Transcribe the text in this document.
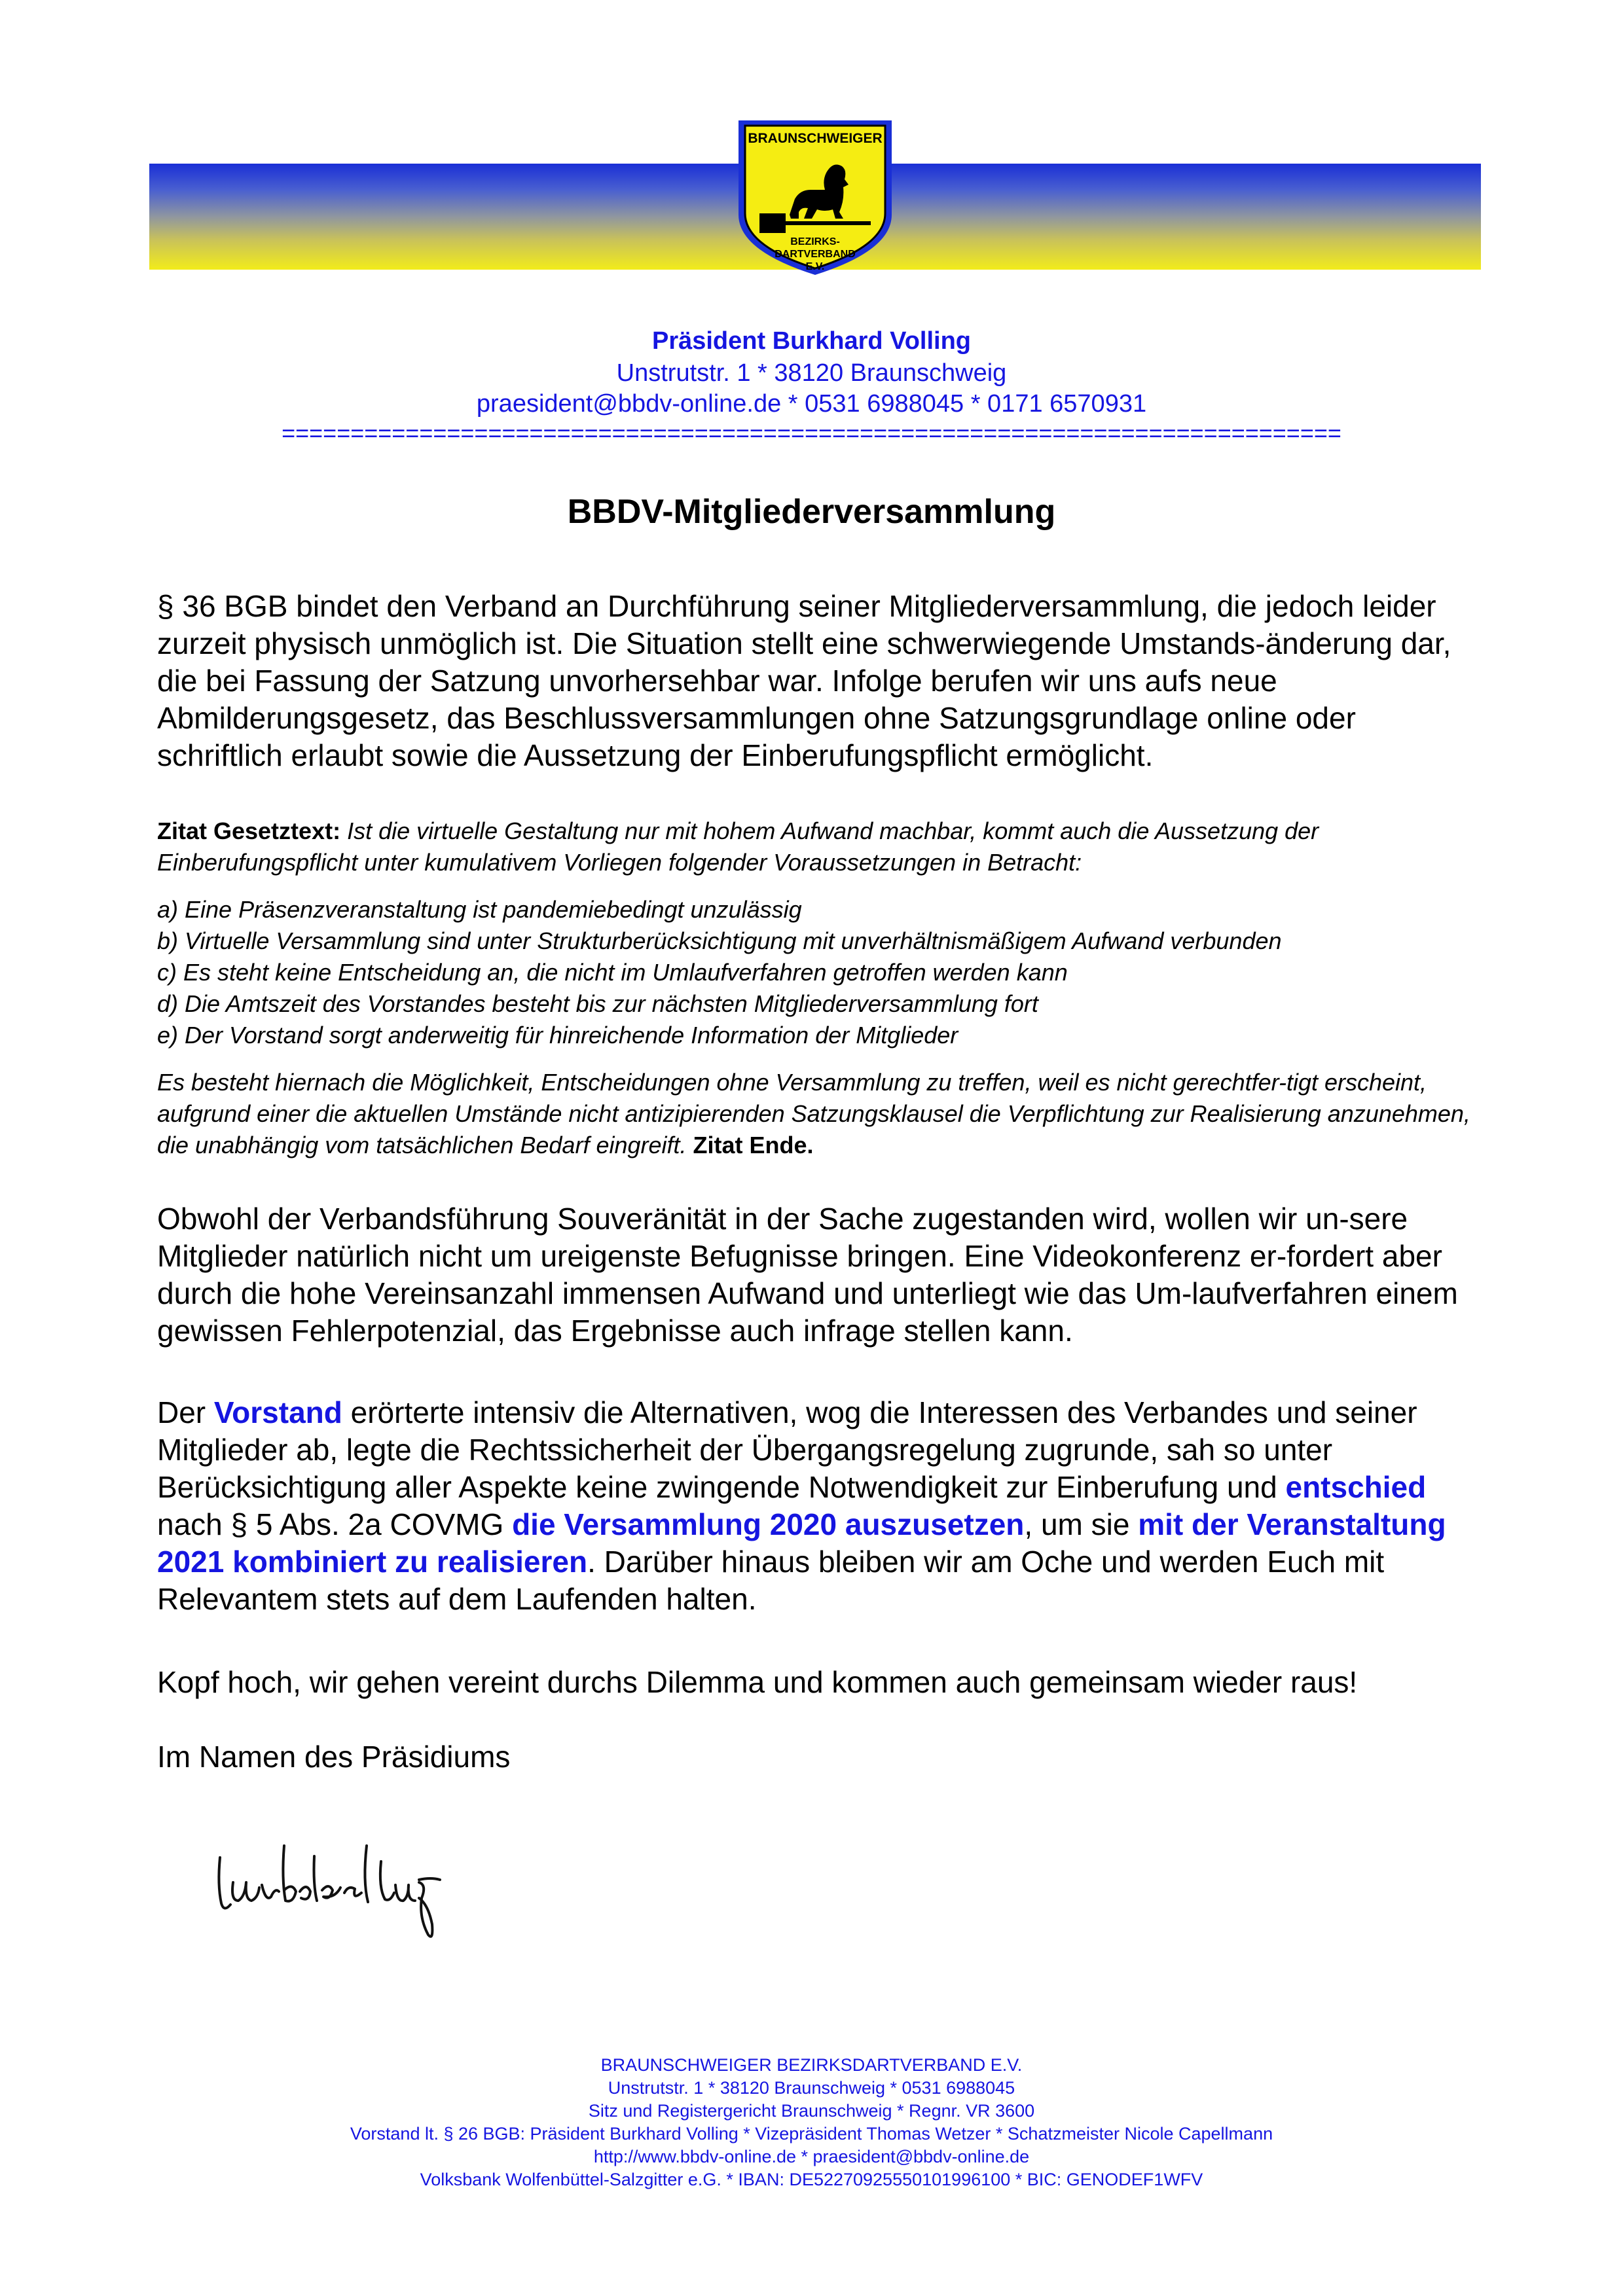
BRAUNSCHWEIGER
BEZIRKS-
DARTVERBAND
E.V.
Präsident Burkhard Volling
Unstrutstr. 1 * 38120 Braunschweig
praesident@bbdv-online.de * 0531 6988045 * 0171 6570931
=============================================================================
BBDV-Mitgliederversammlung

§ 36 BGB bindet den Verband an Durchführung seiner Mitgliederversammlung, die jedoch leider zurzeit physisch unmöglich ist. Die Situation stellt eine schwerwiegende Umstands-änderung dar, die bei Fassung der Satzung unvorhersehbar war. Infolge berufen wir uns aufs neue Abmilderungsgesetz, das Beschlussversammlungen ohne Satzungsgrundlage online oder schriftlich erlaubt sowie die Aussetzung der Einberufungspflicht ermöglicht.

Zitat Gesetztext: Ist die virtuelle Gestaltung nur mit hohem Aufwand machbar, kommt auch die Aussetzung der Einberufungspflicht unter kumulativem Vorliegen folgender Voraussetzungen in Betracht:

a) Eine Präsenzveranstaltung ist pandemiebedingt unzulässig

b) Virtuelle Versammlung sind unter Strukturberücksichtigung mit unverhältnismäßigem Aufwand verbunden

c) Es steht keine Entscheidung an, die nicht im Umlaufverfahren getroffen werden kann

d) Die Amtszeit des Vorstandes besteht bis zur nächsten Mitgliederversammlung fort

e) Der Vorstand sorgt anderweitig für hinreichende Information der Mitglieder

Es besteht hiernach die Möglichkeit, Entscheidungen ohne Versammlung zu treffen, weil es nicht gerechtfer-tigt erscheint, aufgrund einer die aktuellen Umstände nicht antizipierenden Satzungsklausel die Verpflichtung zur Realisierung anzunehmen, die unabhängig vom tatsächlichen Bedarf eingreift. Zitat Ende.

Obwohl der Verbandsführung Souveränität in der Sache zugestanden wird, wollen wir un-sere Mitglieder natürlich nicht um ureigenste Befugnisse bringen. Eine Videokonferenz er-fordert aber durch die hohe Vereinsanzahl immensen Aufwand und unterliegt wie das Um-laufverfahren einem gewissen Fehlerpotenzial, das Ergebnisse auch infrage stellen kann.

Der Vorstand erörterte intensiv die Alternativen, wog die Interessen des Verbandes und seiner Mitglieder ab, legte die Rechtssicherheit der Übergangsregelung zugrunde, sah so unter Berücksichtigung aller Aspekte keine zwingende Notwendigkeit zur Einberufung und entschied nach § 5 Abs. 2a COVMG die Versammlung 2020 auszusetzen, um sie mit der Veranstaltung 2021 kombiniert zu realisieren. Darüber hinaus bleiben wir am Oche und werden Euch mit Relevantem stets auf dem Laufenden halten.

Kopf hoch, wir gehen vereint durchs Dilemma und kommen auch gemeinsam wieder raus!

Im Namen des Präsidiums

BRAUNSCHWEIGER BEZIRKSDARTVERBAND E.V.
Unstrutstr. 1 * 38120 Braunschweig * 0531 6988045
Sitz und Registergericht Braunschweig * Regnr. VR 3600
Vorstand lt. § 26 BGB: Präsident Burkhard Volling * Vizepräsident Thomas Wetzer * Schatzmeister Nicole Capellmann
http://www.bbdv-online.de * praesident@bbdv-online.de
Volksbank Wolfenbüttel-Salzgitter e.G. * IBAN: DE52270925550101996100 * BIC: GENODEF1WFV
